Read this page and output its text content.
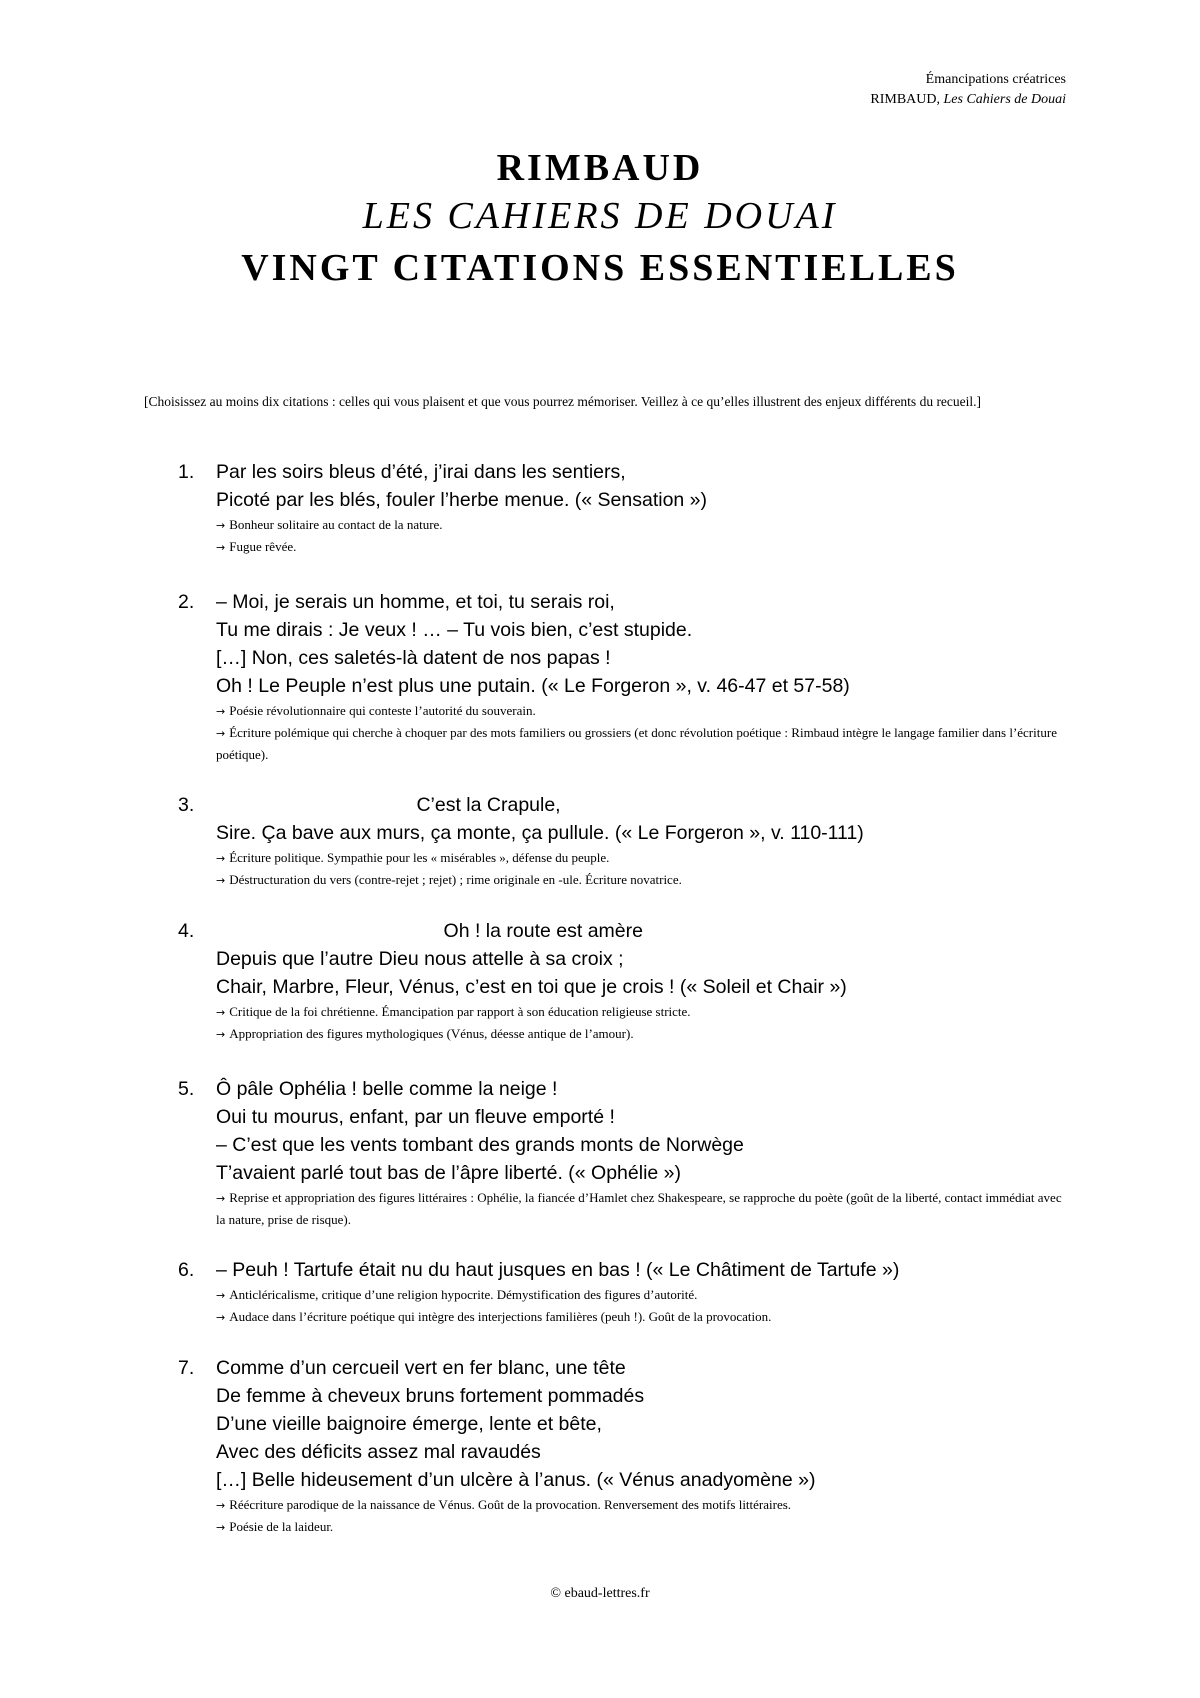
Émancipations créatrices
RIMBAUD, Les Cahiers de Douai
RIMBAUD
LES CAHIERS DE DOUAI
VINGT CITATIONS ESSENTIELLES
[Choisissez au moins dix citations : celles qui vous plaisent et que vous pourrez mémoriser. Veillez à ce qu’elles illustrent des enjeux différents du recueil.]
1. Par les soirs bleus d’été, j’irai dans les sentiers,
Picoté par les blés, fouler l’herbe menue. (« Sensation »)
→ Bonheur solitaire au contact de la nature.
→ Fugue rêvée.
2. – Moi, je serais un homme, et toi, tu serais roi,
Tu me dirais : Je veux ! … – Tu vois bien, c’est stupide.
[…] Non, ces saletés-là datent de nos papas !
Oh ! Le Peuple n’est plus une putain. (« Le Forgeron », v. 46-47 et 57-58)
→ Poésie révolutionnaire qui conteste l’autorité du souverain.
→ Écriture polémique qui cherche à choquer par des mots familiers ou grossiers (et donc révolution poétique : Rimbaud intègre le langage familier dans l’écriture poétique).
3. C’est la Crapule,
Sire. Ça bave aux murs, ça monte, ça pullule. (« Le Forgeron », v. 110-111)
→ Écriture politique. Sympathie pour les « misérables », défense du peuple.
→ Déstructuration du vers (contre-rejet ; rejet) ; rime originale en -ule. Écriture novatrice.
4. Oh ! la route est amère
Depuis que l’autre Dieu nous attelle à sa croix ;
Chair, Marbre, Fleur, Vénus, c’est en toi que je crois ! (« Soleil et Chair »)
→ Critique de la foi chrétienne. Émancipation par rapport à son éducation religieuse stricte.
→ Appropriation des figures mythologiques (Vénus, déesse antique de l’amour).
5. Ô pâle Ophélia ! belle comme la neige !
Oui tu mourus, enfant, par un fleuve emporté !
– C’est que les vents tombant des grands monts de Norwège
T’avaient parlé tout bas de l’âpre liberté. (« Ophélie »)
→ Reprise et appropriation des figures littéraires : Ophélie, la fiancée d’Hamlet chez Shakespeare, se rapproche du poète (goût de la liberté, contact immédiat avec la nature, prise de risque).
6. – Peuh ! Tartufe était nu du haut jusques en bas ! (« Le Châtiment de Tartufe »)
→ Anticléricalisme, critique d’une religion hypocrite. Démystification des figures d’autorité.
→ Audace dans l’écriture poétique qui intègre des interjections familières (peuh !). Goût de la provocation.
7. Comme d’un cercueil vert en fer blanc, une tête
De femme à cheveux bruns fortement pommadés
D’une vieille baignoire émerge, lente et bête,
Avec des déficits assez mal ravaudés
[…] Belle hideusement d’un ulcère à l’anus. (« Vénus anadyomène »)
→ Réécriture parodique de la naissance de Vénus. Goût de la provocation. Renversement des motifs littéraires.
→ Poésie de la laideur.
© ebaud-lettres.fr
